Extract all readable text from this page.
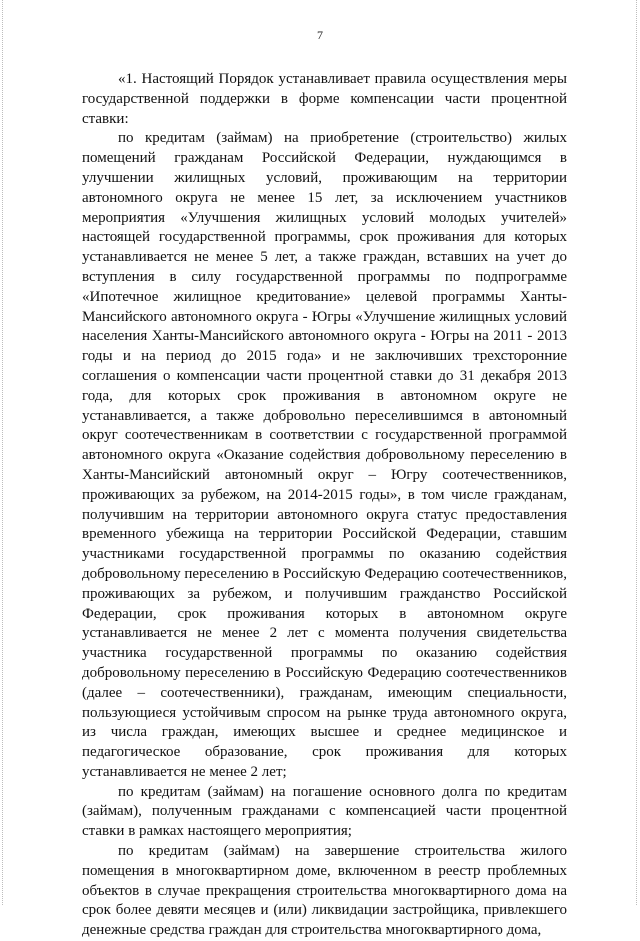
7

«1. Настоящий Порядок устанавливает правила осуществления меры государственной поддержки в форме компенсации части процентной ставки:

по кредитам (займам) на приобретение (строительство) жилых помещений гражданам Российской Федерации, нуждающимся в улучшении жилищных условий, проживающим на территории автономного округа не менее 15 лет, за исключением участников мероприятия «Улучшения жилищных условий молодых учителей» настоящей государственной программы, срок проживания для которых устанавливается не менее 5 лет, а также граждан, вставших на учет до вступления в силу государственной программы по подпрограмме «Ипотечное жилищное кредитование» целевой программы Ханты-Мансийского автономного округа - Югры «Улучшение жилищных условий населения Ханты-Мансийского автономного округа - Югры на 2011 - 2013 годы и на период до 2015 года» и не заключивших трехсторонние соглашения о компенсации части процентной ставки до 31 декабря 2013 года, для которых срок проживания в автономном округе не устанавливается, а также добровольно переселившимся в автономный округ соотечественникам в соответствии с государственной программой автономного округа «Оказание содействия добровольному переселению в Ханты-Мансийский автономный округ – Югру соотечественников, проживающих за рубежом, на 2014-2015 годы», в том числе гражданам, получившим на территории автономного округа статус предоставления временного убежища на территории Российской Федерации, ставшим участниками государственной программы по оказанию содействия добровольному переселению в Российскую Федерацию соотечественников, проживающих за рубежом, и получившим гражданство Российской Федерации, срок проживания которых в автономном округе устанавливается не менее 2 лет с момента получения свидетельства участника государственной программы по оказанию содействия добровольному переселению в Российскую Федерацию соотечественников (далее – соотечественники), гражданам, имеющим специальности, пользующиеся устойчивым спросом на рынке труда автономного округа, из числа граждан, имеющих высшее и среднее медицинское и педагогическое образование, срок проживания для которых устанавливается не менее 2 лет;

по кредитам (займам) на погашение основного долга по кредитам (займам), полученным гражданами с компенсацией части процентной ставки в рамках настоящего мероприятия;

по кредитам (займам) на завершение строительства жилого помещения в многоквартирном доме, включенном в реестр проблемных объектов в случае прекращения строительства многоквартирного дома на срок более девяти месяцев и (или) ликвидации застройщика, привлекшего денежные средства граждан для строительства многоквартирного дома,
